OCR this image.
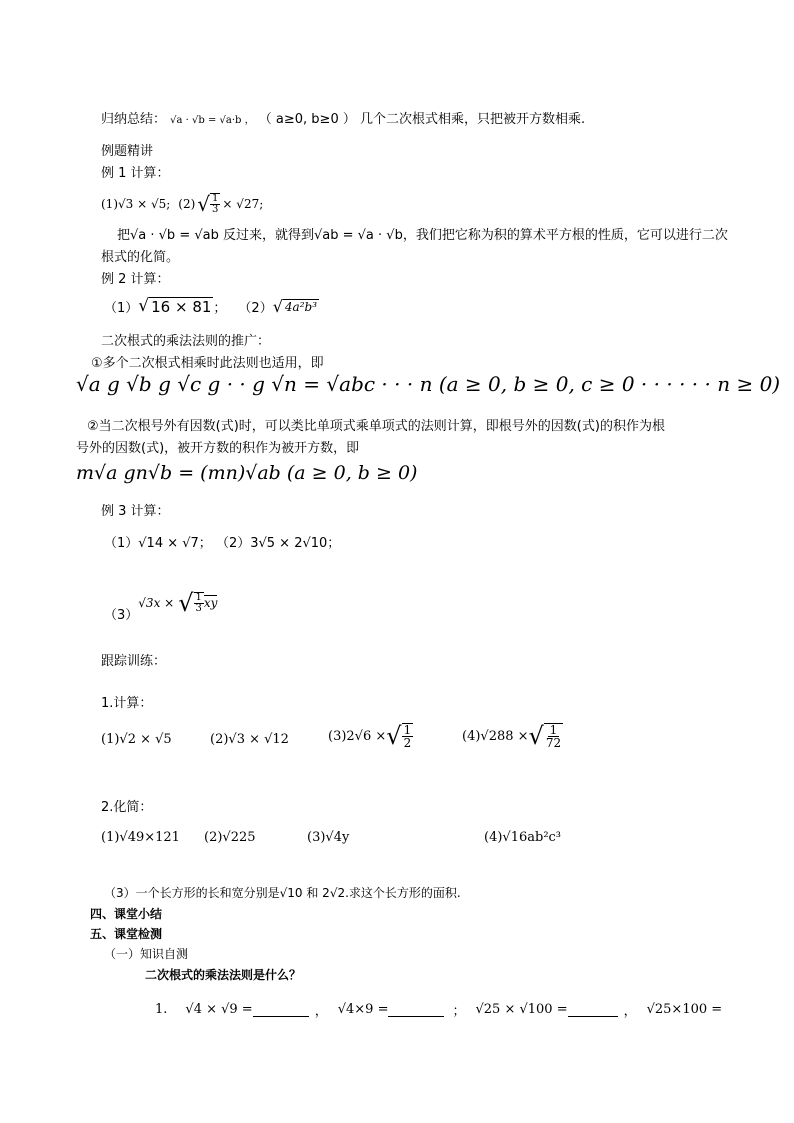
归纳总结： √a · √b = √a·b ， （ a≥0, b≥0 ） 几个二次根式相乘，只把被开方数相乘.
例题精讲
例 1 计算：
(1)√3 × √5; (2) √ $\frac{1}{3} \times √27$;
把√a · √b = √ab 反过来，就得到√ab = √a · √b，我们把它称为积的算术平方根的性质，它可以进行二次
根式的化简。
例 2 计算：
（1） √ 16 × 81 ； （2） √ 4a²b³
二次根式的乘法法则的推广：
①多个二次根式相乘时此法则也适用，即
√a g √b g √c g · · g √n = √abc · · · n (a ≥ 0, b ≥ 0, c ≥ 0 · · · · · · n ≥ 0)
②当二次根号外有因数(式)时，可以类比单项式乘单项式的法则计算，即根号外的因数(式)的积作为根
号外的因数(式)，被开方数的积作为被开方数，即
m√a gn√b = (mn)√ab (a ≥ 0, b ≥ 0)
例 3 计算：
（1）√14 × √7； （2）3√5 × 2√10；
（3）
√3x × √ $\frac{1}{3}$ xy
跟踪训练：
1.计算：
(1)√2 × √5	(2)√3 × √12	(3)2√6 × √ $\frac{1}{2}$	(4)√288 × √ $\frac{1}{72}$
2.化简：
(1)√49×121 (2)√225	(3)√4y	(4)√16ab²c³
（3）一个长方形的长和宽分别是√10 和 2√2.求这个长方形的面积.
四、课堂小结
五、课堂检测
（一）知识自测
二次根式的乘法法则是什么？
1. √4 × √9 =	， √4×9 =	； √25 × √100 =	， √25×100 =
